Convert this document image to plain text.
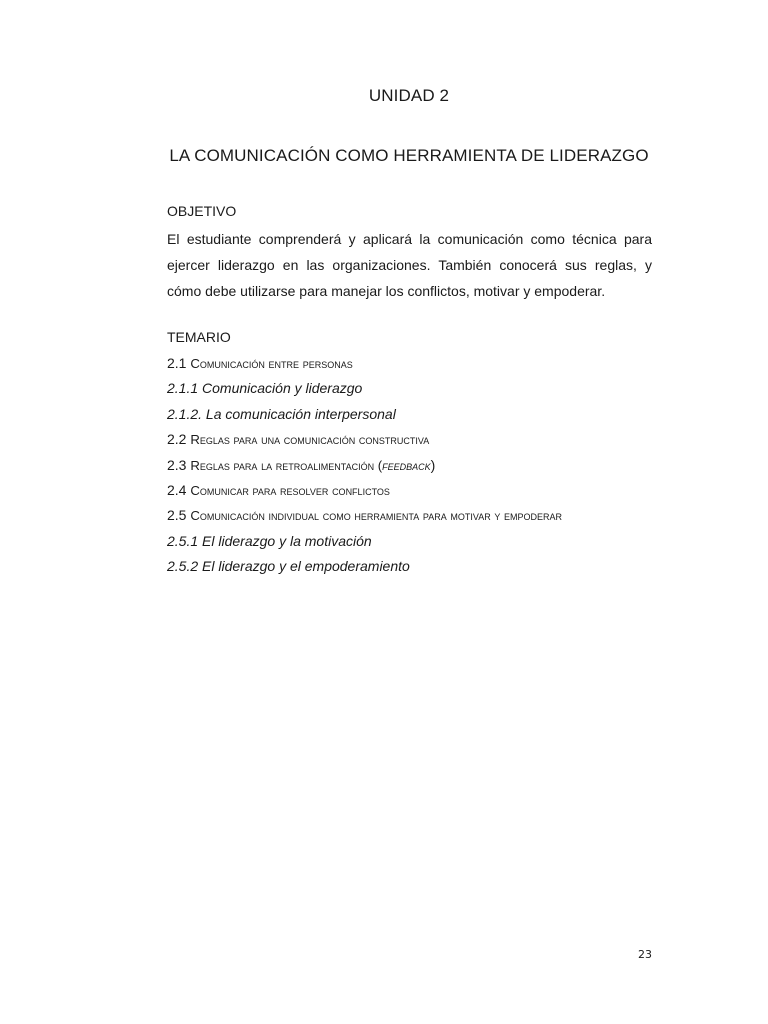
UNIDAD 2
LA COMUNICACIÓN COMO HERRAMIENTA DE LIDERAZGO
OBJETIVO
El estudiante comprenderá y aplicará la comunicación como técnica para ejercer liderazgo en las organizaciones. También conocerá sus reglas, y cómo debe utilizarse para manejar los conflictos, motivar y empoderar.
TEMARIO
2.1 Comunicación entre personas
2.1.1 Comunicación y liderazgo
2.1.2. La comunicación interpersonal
2.2 Reglas para una comunicación constructiva
2.3 Reglas para la retroalimentación (feedback)
2.4 Comunicar para resolver conflictos
2.5 Comunicación individual como herramienta para motivar y empoderar
2.5.1 El liderazgo y la motivación
2.5.2 El liderazgo y el empoderamiento
23
